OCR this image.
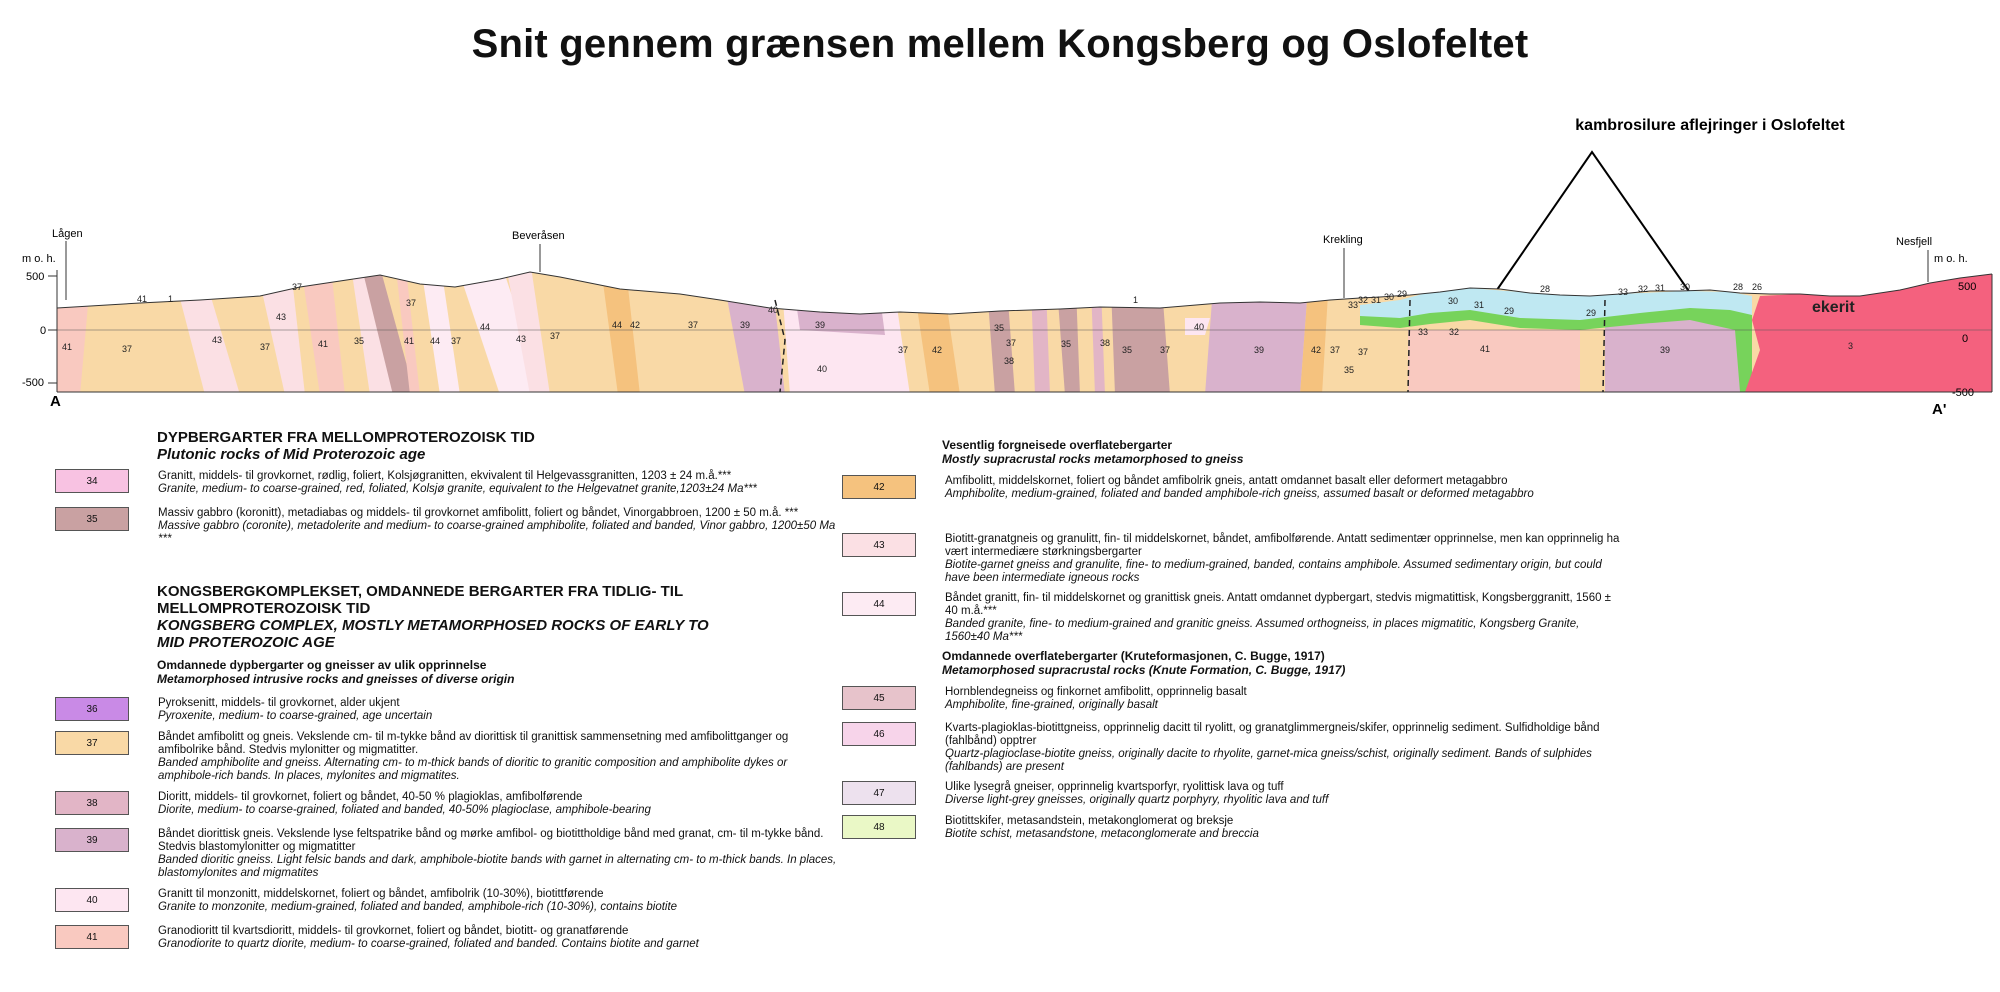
Snit gennem grænsen mellem Kongsberg og Oslofeltet
kambrosilure aflejringer i Oslofeltet
m o. h.
500
0
-500
m o. h.
500
0
-500
A	A'
Lågen	Beveråsen	Krekling	Nesfjell
ekerit
41	37
41 1
43
37
37
41
43
35	41
37
44 37
44
43	37
44 42	37	39
40
39
40
37	42
35
38
35
37	38
35	37
1
40
39	42 37 37
35
33 32 31 30 29
30 31
28
29	29
33 32
41
33 32 31 30	28 26
39	3
DYPBERGARTER FRA MELLOMPROTEROZOISK TID
Plutonic rocks of Mid Proterozoic age
34	Granitt, middels- til grovkornet, rødlig, foliert, Kolsjøgranitten, ekvivalent til Helgevassgranitten, 1203 ± 24 m.å.***
Granite, medium- to coarse-grained, red, foliated, Kolsjø granite, equivalent to the Helgevatnet granite,1203±24 Ma***
35	Massiv gabbro (koronitt), metadiabas og middels- til grovkornet amfibolitt, foliert og båndet, Vinorgabbroen, 1200 ± 50 m.å. ***
Massive gabbro (coronite), metadolerite and medium- to coarse-grained amphibolite, foliated and banded, Vinor gabbro, 1200±50 Ma ***
KONGSBERGKOMPLEKSET, OMDANNEDE BERGARTER FRA TIDLIG- TIL
MELLOMPROTEROZOISK TID
KONGSBERG COMPLEX, MOSTLY METAMORPHOSED ROCKS OF EARLY TO
MID PROTEROZOIC AGE
Omdannede dypbergarter og gneisser av ulik opprinnelse
Metamorphosed intrusive rocks and gneisses of diverse origin
36	Pyroksenitt, middels- til grovkornet, alder ukjent
Pyroxenite, medium- to coarse-grained, age uncertain
37	Båndet amfibolitt og gneis. Vekslende cm- til m-tykke bånd av diorittisk til granittisk sammensetning med amfibolittganger og amfibolrike bånd. Stedvis mylonitter og migmatitter.
Banded amphibolite and gneiss. Alternating cm- to m-thick bands of dioritic to granitic composition and amphibolite dykes or amphibole-rich bands. In places, mylonites and migmatites.
38	Dioritt, middels- til grovkornet, foliert og båndet, 40-50 % plagioklas, amfibolførende
Diorite, medium- to coarse-grained, foliated and banded, 40-50% plagioclase, amphibole-bearing
39	Båndet diorittisk gneis. Vekslende lyse feltspatrike bånd og mørke amfibol- og biotittholdige bånd med granat, cm- til m-tykke bånd. Stedvis blastomylonitter og migmatitter
Banded dioritic gneiss. Light felsic bands and dark, amphibole-biotite bands with garnet in alternating cm- to m-thick bands. In places, blastomylonites and migmatites
40	Granitt til monzonitt, middelskornet, foliert og båndet, amfibolrik (10-30%), biotittførende
Granite to monzonite, medium-grained, foliated and banded, amphibole-rich (10-30%), contains biotite
41	Granodioritt til kvartsdioritt, middels- til grovkornet, foliert og båndet, biotitt- og granatførende
Granodiorite to quartz diorite, medium- to coarse-grained, foliated and banded. Contains biotite and garnet
Vesentlig forgneisede overflatebergarter
Mostly supracrustal rocks metamorphosed to gneiss
42	Amfibolitt, middelskornet, foliert og båndet amfibolrik gneis, antatt omdannet basalt eller deformert metagabbro
Amphibolite, medium-grained, foliated and banded amphibole-rich gneiss, assumed basalt or deformed metagabbro
43	Biotitt-granatgneis og granulitt, fin- til middelskornet, båndet, amfibolførende. Antatt sedimentær opprinnelse, men kan opprinnelig ha vært intermediære størkningsbergarter
Biotite-garnet gneiss and granulite, fine- to medium-grained, banded, contains amphibole. Assumed sedimentary origin, but could have been intermediate igneous rocks
44	Båndet granitt, fin- til middelskornet og granittisk gneis. Antatt omdannet dypbergart, stedvis migmatittisk, Kongsberggranitt, 1560 ± 40 m.å.***
Banded granite, fine- to medium-grained and granitic gneiss. Assumed orthogneiss, in places migmatitic, Kongsberg Granite, 1560±40 Ma***
Omdannede overflatebergarter (Kruteformasjonen, C. Bugge, 1917)
Metamorphosed supracrustal rocks (Knute Formation, C. Bugge, 1917)
45	Hornblendegneiss og finkornet amfibolitt, opprinnelig basalt
Amphibolite, fine-grained, originally basalt
46	Kvarts-plagioklas-biotittgneiss, opprinnelig dacitt til ryolitt, og granatglimmergneis/skifer, opprinnelig sediment. Sulfidholdige bånd (fahlbånd) opptrer
Quartz-plagioclase-biotite gneiss, originally dacite to rhyolite, garnet-mica gneiss/schist, originally sediment. Bands of sulphides (fahlbands) are present
47	Ulike lysegrå gneiser, opprinnelig kvartsporfyr, ryolittisk lava og tuff
Diverse light-grey gneisses, originally quartz porphyry, rhyolitic lava and tuff
48	Biotittskifer, metasandstein, metakonglomerat og breksje
Biotite schist, metasandstone, metaconglomerate and breccia
